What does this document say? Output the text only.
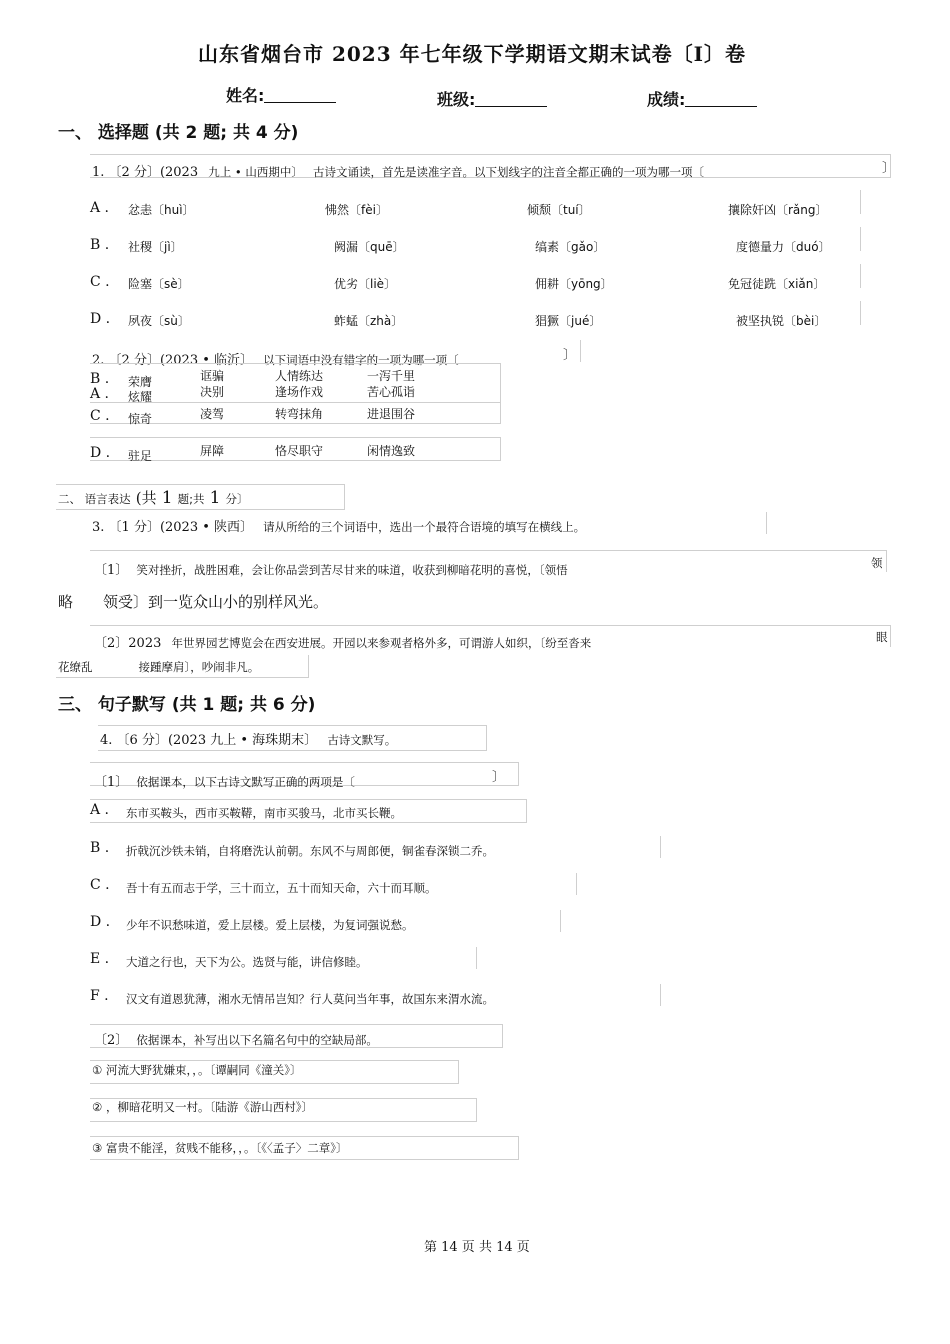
山东省烟台市 2023 年七年级下学期语文期末试卷〔I〕卷
姓名:	班级:	成绩:
一、 选择题 (共 2 题; 共 4 分)
1. 〔2 分〕(2023 九上 • 山西期中〕 古诗文诵读，首先是读准字音。以下划线字的注音全都正确的一项为哪一项〔	〕
A . 忿恚〔huì〕	怫然〔fèi〕	倾颓〔tuí〕	攘除奸凶〔rǎng〕
B . 社稷〔jì〕	阙漏〔quē〕	缟素〔gǎo〕	度德量力〔duó〕
C . 险塞〔sè〕	优劣〔liè〕	佣耕〔yōng〕	免冠徒跣〔xiǎn〕
D . 夙夜〔sù〕	蚱蜢〔zhà〕	猖獗〔jué〕	被坚执锐〔bèi〕
2. 〔2 分〕(2023 • 临沂〕 以下词语中没有错字的一项为哪一项〔	〕
B . 荣膺	诓骗	人情练达	一泻千里
A . 炫耀	决别	逢场作戏	苦心孤诣
C . 惊奇	凌驾	转弯抹角	进退围谷
D . 驻足	屏障	恪尽职守	闲情逸致
二、 语言表达 (共 1 题;共 1 分〕
3. 〔1 分〕(2023 • 陕西〕 请从所给的三个词语中，选出一个最符合语境的填写在横线上。
〔1〕 笑对挫折，战胜困难，会让你品尝到苦尽甘来的味道，收获到柳暗花明的喜悦，〔领悟	领
略　　领受〕到一览众山小的别样风光。
〔2〕2023 年世界园艺博览会在西安进展。开园以来参观者格外多，可谓游人如织，〔纷至沓来	眼
花缭乱　　　　接踵摩肩〕，吵闹非凡。
三、 句子默写 (共 1 题; 共 6 分)
4. 〔6 分〕(2023 九上 • 海珠期末〕 古诗文默写。
〔1〕 依据课本，以下古诗文默写正确的两项是〔	〕
A . 东市买鞍头，西市买鞍鞯，南市买骏马，北市买长鞭。
B . 折戟沉沙铁未销，自将磨洗认前朝。东风不与周郎便，铜雀春深锁二乔。
C . 吾十有五而志于学，三十而立，五十而知天命，六十而耳顺。
D . 少年不识愁味道，爱上层楼。爱上层楼，为复词强说愁。
E . 大道之行也，天下为公。选贤与能，讲信修睦。
F . 汉文有道恩犹薄，湘水无情吊岂知？行人莫问当年事，故国东来渭水流。
〔2〕 依据课本，补写出以下名篇名句中的空缺局部。
① 河流大野犹嫌束，，。〔谭嗣同《潼关》〕
② ，柳暗花明又一村。〔陆游《游山西村》〕
③ 富贵不能淫，贫贱不能移，，。〔《〈孟子〉二章》〕
第 14 页 共 14 页
